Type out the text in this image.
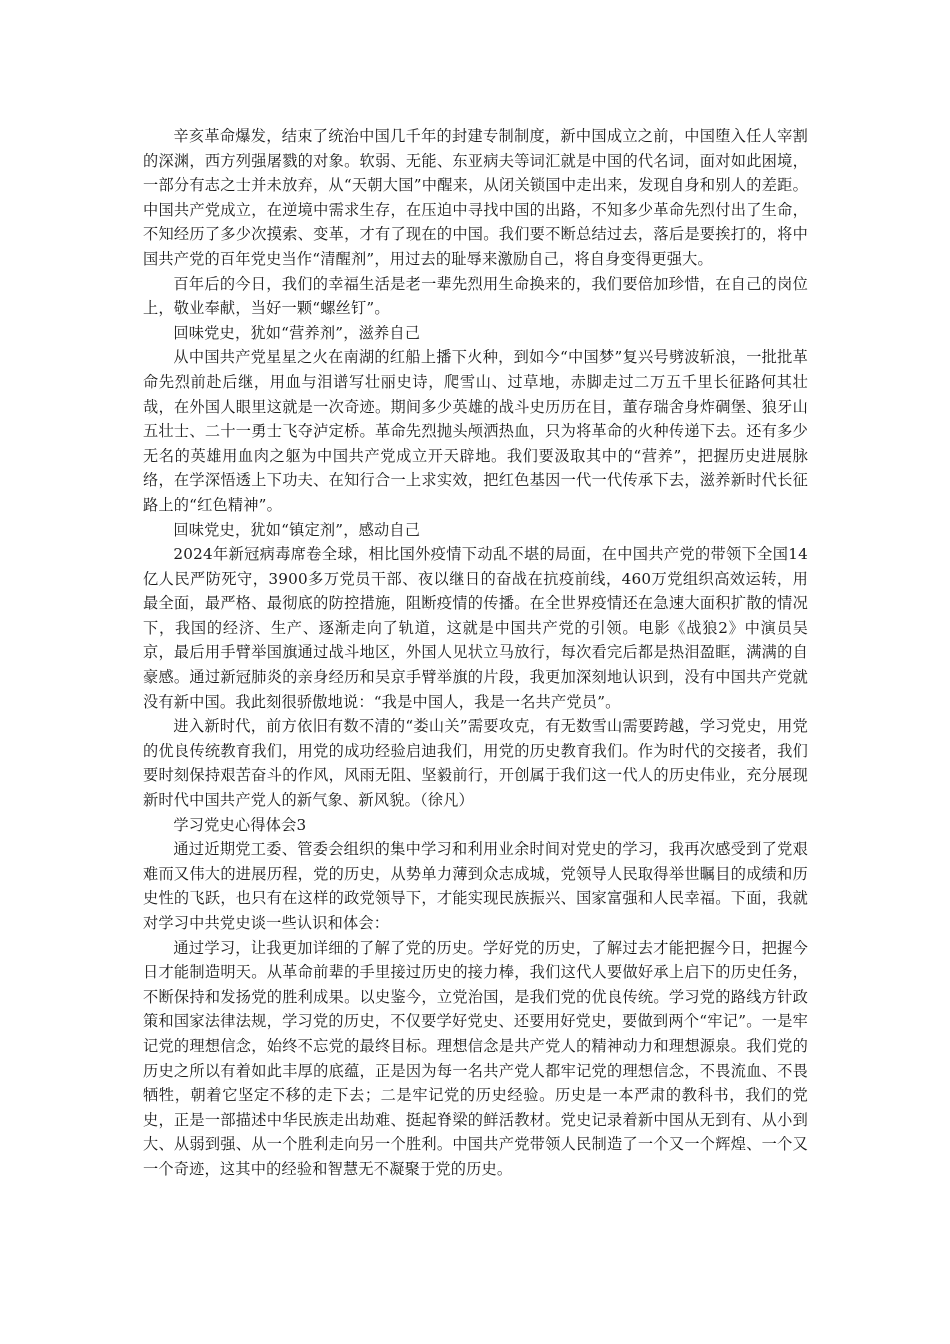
辛亥革命爆发，结束了统治中国几千年的封建专制制度，新中国成立之前，中国堕入任人宰割的深渊，西方列强屠戮的对象。软弱、无能、东亚病夫等词汇就是中国的代名词，面对如此困境，一部分有志之士并未放弃，从“天朝大国”中醒来，从闭关锁国中走出来，发现自身和别人的差距。中国共产党成立，在逆境中需求生存，在压迫中寻找中国的出路，不知多少革命先烈付出了生命，不知经历了多少次摸索、变革，才有了现在的中国。我们要不断总结过去，落后是要挨打的，将中国共产党的百年党史当作“清醒剂”，用过去的耻辱来激励自己，将自身变得更强大。

百年后的今日，我们的幸福生活是老一辈先烈用生命换来的，我们要倍加珍惜，在自己的岗位上，敬业奉献，当好一颗“螺丝钉”。

回味党史，犹如“营养剂”，滋养自己

从中国共产党星星之火在南湖的红船上播下火种，到如今“中国梦”复兴号劈波斩浪，一批批革命先烈前赴后继，用血与泪谱写壮丽史诗，爬雪山、过草地，赤脚走过二万五千里长征路何其壮哉，在外国人眼里这就是一次奇迹。期间多少英雄的战斗史历历在目，董存瑞舍身炸碉堡、狼牙山五壮士、二十一勇士飞夺泸定桥。革命先烈抛头颅洒热血，只为将革命的火种传递下去。还有多少无名的英雄用血肉之躯为中国共产党成立开天辟地。我们要汲取其中的“营养”，把握历史进展脉络，在学深悟透上下功夫、在知行合一上求实效，把红色基因一代一代传承下去，滋养新时代长征路上的“红色精神”。

回味党史，犹如“镇定剂”，感动自己

2024年新冠病毒席卷全球，相比国外疫情下动乱不堪的局面，在中国共产党的带领下全国14亿人民严防死守，3900多万党员干部、夜以继日的奋战在抗疫前线，460万党组织高效运转，用最全面，最严格、最彻底的防控措施，阻断疫情的传播。在全世界疫情还在急速大面积扩散的情况下，我国的经济、生产、逐渐走向了轨道，这就是中国共产党的引领。电影《战狼2》中演员吴京，最后用手臂举国旗通过战斗地区，外国人见状立马放行，每次看完后都是热泪盈眶，满满的自豪感。通过新冠肺炎的亲身经历和吴京手臂举旗的片段，我更加深刻地认识到，没有中国共产党就没有新中国。我此刻很骄傲地说：“我是中国人，我是一名共产党员”。

进入新时代，前方依旧有数不清的“娄山关”需要攻克，有无数雪山需要跨越，学习党史，用党的优良传统教育我们，用党的成功经验启迪我们，用党的历史教育我们。作为时代的交接者，我们要时刻保持艰苦奋斗的作风，风雨无阻、坚毅前行，开创属于我们这一代人的历史伟业，充分展现新时代中国共产党人的新气象、新风貌。（徐凡）

学习党史心得体会3

通过近期党工委、管委会组织的集中学习和利用业余时间对党史的学习，我再次感受到了党艰难而又伟大的进展历程，党的历史，从势单力薄到众志成城，党领导人民取得举世瞩目的成绩和历史性的飞跃，也只有在这样的政党领导下，才能实现民族振兴、国家富强和人民幸福。下面，我就对学习中共党史谈一些认识和体会：

通过学习，让我更加详细的了解了党的历史。学好党的历史，了解过去才能把握今日，把握今日才能制造明天。从革命前辈的手里接过历史的接力棒，我们这代人要做好承上启下的历史任务，不断保持和发扬党的胜利成果。以史鉴今，立党治国，是我们党的优良传统。学习党的路线方针政策和国家法律法规，学习党的历史，不仅要学好党史、还要用好党史，要做到两个“牢记”。一是牢记党的理想信念，始终不忘党的最终目标。理想信念是共产党人的精神动力和理想源泉。我们党的历史之所以有着如此丰厚的底蕴，正是因为每一名共产党人都牢记党的理想信念，不畏流血、不畏牺牲，朝着它坚定不移的走下去；二是牢记党的历史经验。历史是一本严肃的教科书，我们的党史，正是一部描述中华民族走出劫难、挺起脊梁的鲜活教材。党史记录着新中国从无到有、从小到大、从弱到强、从一个胜利走向另一个胜利。中国共产党带领人民制造了一个又一个辉煌、一个又一个奇迹，这其中的经验和智慧无不凝聚于党的历史。
